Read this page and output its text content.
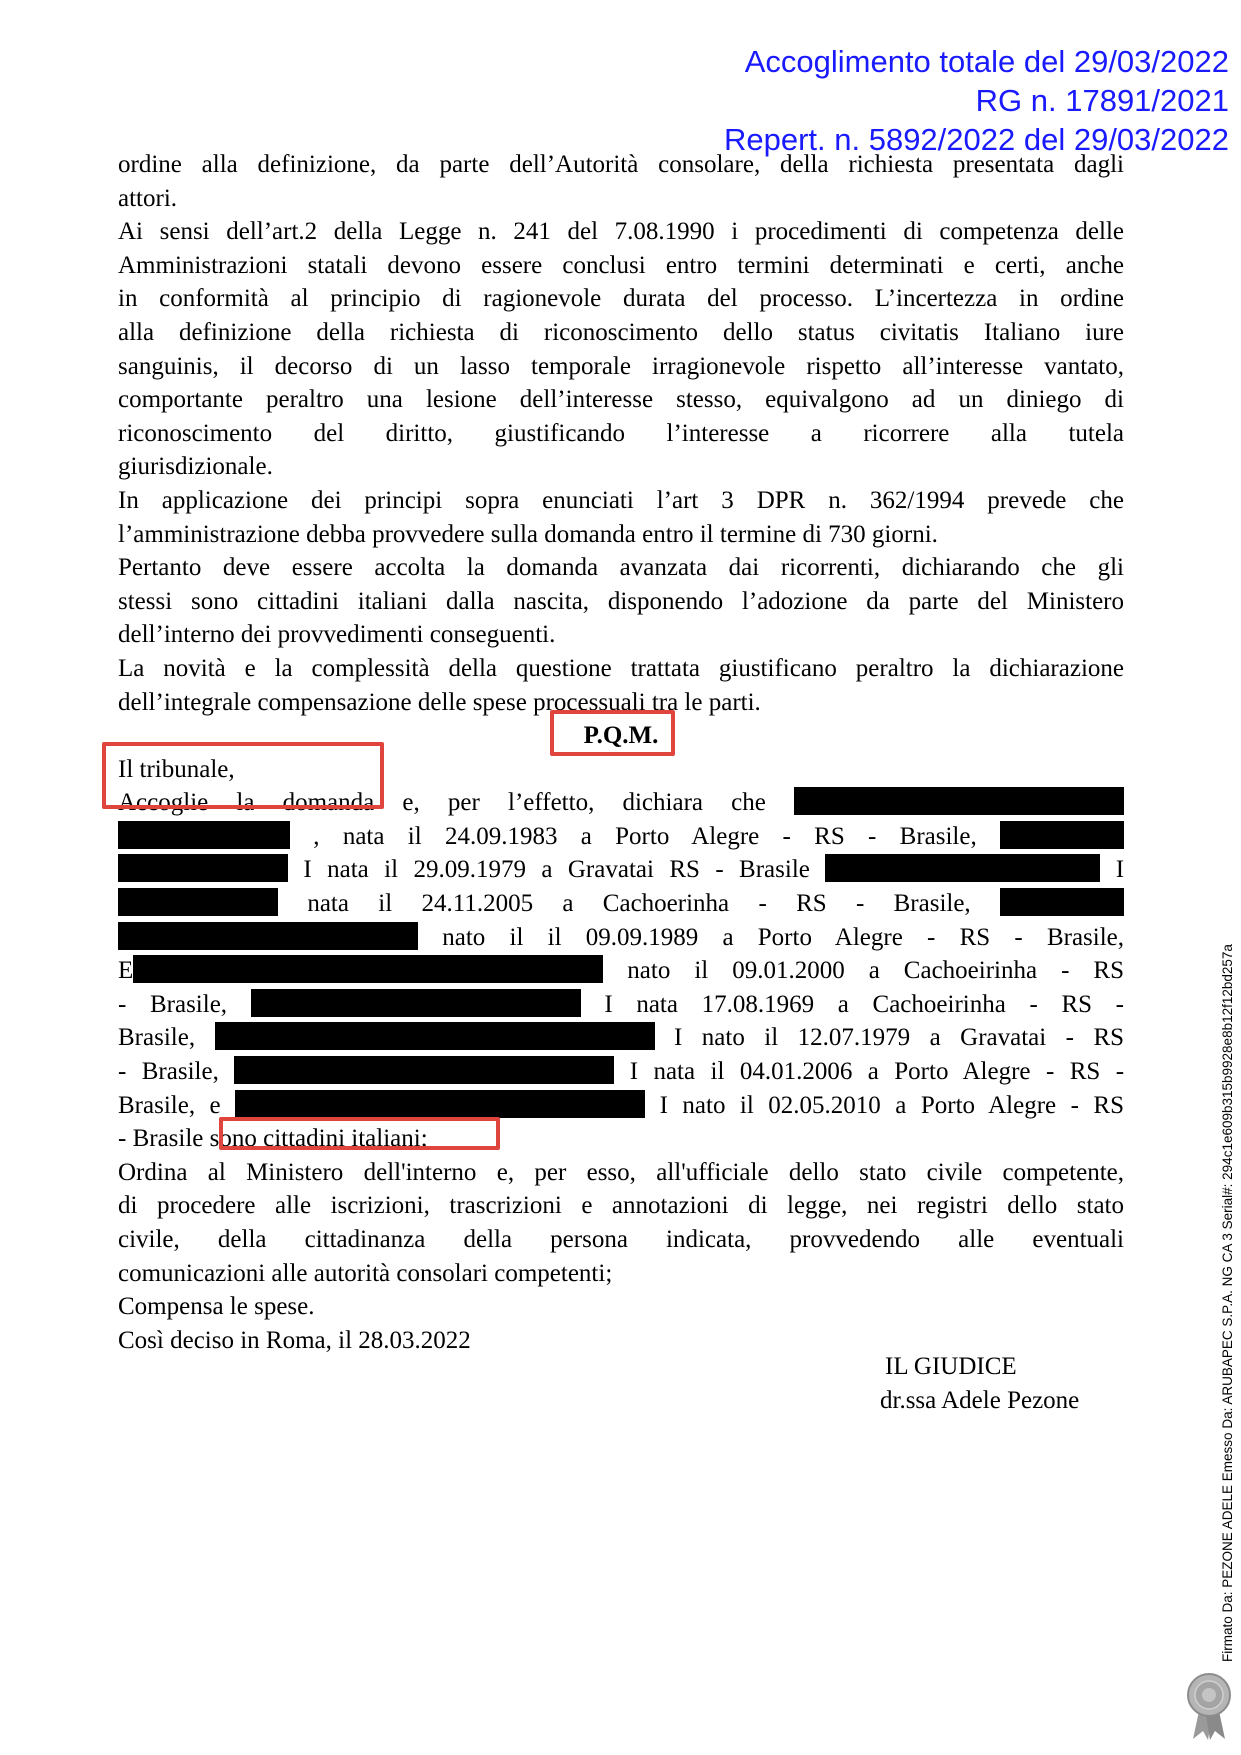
Accoglimento totale del 29/03/2022
RG n. 17891/2021
Repert. n. 5892/2022 del 29/03/2022
ordine alla definizione, da parte dell’Autorità consolare, della richiesta presentata dagli
attori.
Ai sensi dell’art.2 della Legge n. 241 del 7.08.1990 i procedimenti di competenza delle
Amministrazioni statali devono essere conclusi entro termini determinati e certi, anche
in conformità al principio di ragionevole durata del processo. L’incertezza in ordine
alla definizione della richiesta di riconoscimento dello status civitatis Italiano iure
sanguinis, il decorso di un lasso temporale irragionevole rispetto all’interesse vantato,
comportante peraltro una lesione dell’interesse stesso, equivalgono ad un diniego di
riconoscimento del diritto, giustificando l’interesse a ricorrere alla tutela
giurisdizionale.
In applicazione dei principi sopra enunciati l’art 3 DPR n. 362/1994 prevede che
l’amministrazione debba provvedere sulla domanda entro il termine di 730 giorni.
Pertanto deve essere accolta la domanda avanzata dai ricorrenti, dichiarando che gli
stessi sono cittadini italiani dalla nascita, disponendo l’adozione da parte del Ministero
dell’interno dei provvedimenti conseguenti.
La novità e la complessità della questione trattata giustificano peraltro la dichiarazione
dell’integrale compensazione delle spese processuali tra le parti.
P.Q.M.
Il tribunale,
Accoglie la domanda e, per l’effetto, dichiara che
, nata il 24.09.1983 a Porto Alegre - RS - Brasile,
I nata il 29.09.1979 a Gravatai RS - Brasile	I
nata il 24.11.2005 a Cachoerinha - RS - Brasile,
nato il il 09.09.1989 a Porto Alegre - RS - Brasile,
E	nato il 09.01.2000 a Cachoeirinha - RS
- Brasile,	I nata 17.08.1969 a Cachoeirinha - RS -
Brasile,	I nato il 12.07.1979 a Gravatai - RS
- Brasile,	I nata il 04.01.2006 a Porto Alegre - RS -
Brasile, e	I nato il 02.05.2010 a Porto Alegre - RS
- Brasile sono cittadini italiani;
Ordina al Ministero dell'interno e, per esso, all'ufficiale dello stato civile competente,
di procedere alle iscrizioni, trascrizioni e annotazioni di legge, nei registri dello stato
civile, della cittadinanza della persona indicata, provvedendo alle eventuali
comunicazioni alle autorità consolari competenti;
Compensa le spese.
Così deciso in Roma, il 28.03.2022
IL GIUDICE
dr.ssa Adele Pezone	Firmato Da: PEZONE ADELE Emesso Da: ARUBAPEC S.P.A. NG CA 3 Serial#: 294c1e609b315b9928e8b12f12bd257a
